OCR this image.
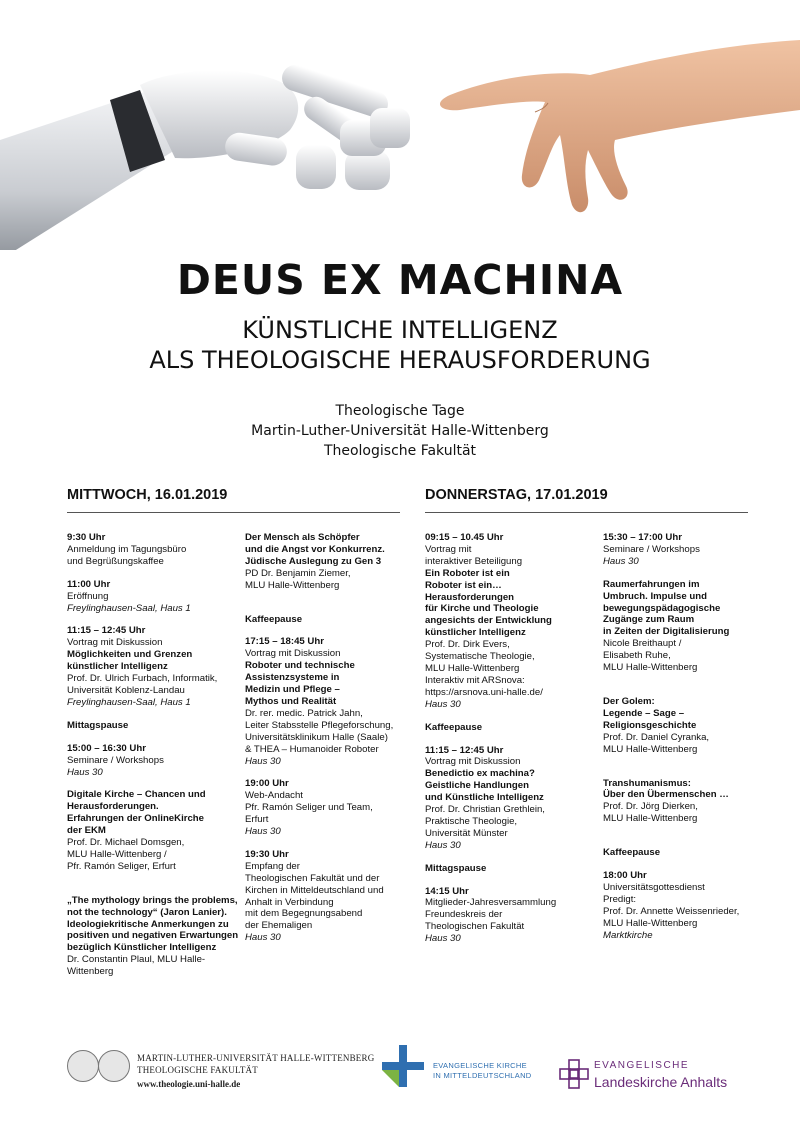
DEUS EX MACHINA
KÜNSTLICHE INTELLIGENZ
ALS THEOLOGISCHE HERAUSFORDERUNG
Theologische Tage
Martin-Luther-Universität Halle-Wittenberg
Theologische Fakultät
MITTWOCH, 16.01.2019	DONNERSTAG, 17.01.2019

9:30 Uhr

Anmeldung im Tagungsbüro

und Begrüßungskaffee

11:00 Uhr

Eröffnung

Freylinghausen-Saal, Haus 1

11:15 – 12:45 Uhr

Vortrag mit Diskussion

Möglichkeiten und Grenzen

künstlicher Intelligenz

Prof. Dr. Ulrich Furbach, Informatik,

Universität Koblenz-Landau

Freylinghausen-Saal, Haus 1

Mittagspause

15:00 – 16:30 Uhr

Seminare / Workshops

Haus 30

Digitale Kirche – Chancen und

Herausforderungen.

Erfahrungen der OnlineKirche

der EKM

Prof. Dr. Michael Domsgen,

MLU Halle-Wittenberg /

Pfr. Ramón Seliger, Erfurt

„The mythology brings the problems,

not the technology“ (Jaron Lanier).

Ideologiekritische Anmerkungen zu

positiven und negativen Erwartungen

bezüglich Künstlicher Intelligenz

Dr. Constantin Plaul, MLU Halle-

Wittenberg

Der Mensch als Schöpfer

und die Angst vor Konkurrenz.

Jüdische Auslegung zu Gen 3

PD Dr. Benjamin Ziemer,

MLU Halle-Wittenberg

Kaffeepause

17:15 – 18:45 Uhr

Vortrag mit Diskussion

Roboter und technische

Assistenzsysteme in

Medizin und Pflege –

Mythos und Realität

Dr. rer. medic. Patrick Jahn,

Leiter Stabsstelle Pflegeforschung,

Universitätsklinikum Halle (Saale)

& THEA – Humanoider Roboter

Haus 30

19:00 Uhr

Web-Andacht

Pfr. Ramón Seliger und Team,

Erfurt

Haus 30

19:30 Uhr

Empfang der

Theologischen Fakultät und der

Kirchen in Mitteldeutschland und

Anhalt in Verbindung

mit dem Begegnungsabend

der Ehemaligen

Haus 30

09:15 – 10.45 Uhr

Vortrag mit

interaktiver Beteiligung

Ein Roboter ist ein

Roboter ist ein…

Herausforderungen

für Kirche und Theologie

angesichts der Entwicklung

künstlicher Intelligenz

Prof. Dr. Dirk Evers,

Systematische Theologie,

MLU Halle-Wittenberg

Interaktiv mit ARSnova:

https://arsnova.uni-halle.de/

Haus 30

Kaffeepause

11:15 – 12:45 Uhr

Vortrag mit Diskussion

Benedictio ex machina?

Geistliche Handlungen

und Künstliche Intelligenz

Prof. Dr. Christian Grethlein,

Praktische Theologie,

Universität Münster

Haus 30

Mittagspause

14:15 Uhr

Mitglieder-Jahresversammlung

Freundeskreis der

Theologischen Fakultät

Haus 30

15:30 – 17:00 Uhr

Seminare / Workshops

Haus 30

Raumerfahrungen im

Umbruch. Impulse und

bewegungspädagogische

Zugänge zum Raum

in Zeiten der Digitalisierung

Nicole Breithaupt /

Elisabeth Ruhe,

MLU Halle-Wittenberg

Der Golem:

Legende – Sage –

Religionsgeschichte

Prof. Dr. Daniel Cyranka,

MLU Halle-Wittenberg

Transhumanismus:

Über den Übermenschen …

Prof. Dr. Jörg Dierken,

MLU Halle-Wittenberg

Kaffeepause

18:00 Uhr

Universitätsgottesdienst

Predigt:

Prof. Dr. Annette Weissenrieder,

MLU Halle-Wittenberg

Marktkirche

MARTIN-LUTHER-UNIVERSITÄT HALLE-WITTENBERG
THEOLOGISCHE FAKULTÄT
www.theologie.uni-halle.de
EVANGELISCHE KIRCHE
IN MITTELDEUTSCHLAND
EVANGELISCHE
Landeskirche Anhalts
